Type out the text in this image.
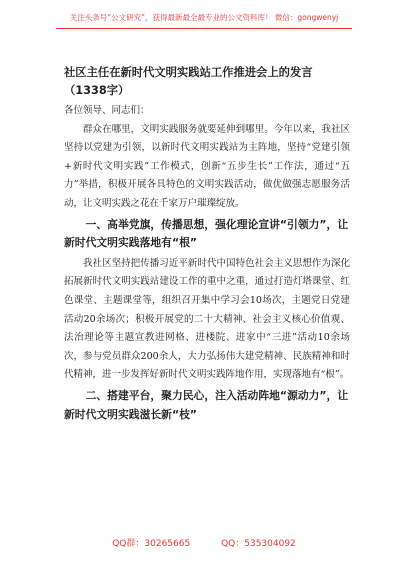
关注头条号“公文研究”，获得最新最全最专业的公文资料库！ 微信：gongwenyj
社区主任在新时代文明实践站工作推进会上的发言（1338字）

各位领导、同志们：

群众在哪里，文明实践服务就要延伸到哪里。今年以来，我社区坚持以党建为引领，以新时代文明实践站为主阵地，坚持“党建引领+新时代文明实践”工作模式，创新“五步生长”工作法，通过“五力”举措，积极开展各具特色的文明实践活动，做优做强志愿服务活动，让文明实践之花在千家万户璀璨绽放。

一、高举党旗，传播思想，强化理论宣讲“引领力”，让新时代文明实践落地有“根”

我社区坚持把传播习近平新时代中国特色社会主义思想作为深化拓展新时代文明实践站建设工作的重中之重，通过打造灯塔课堂、红色课堂、主题课堂等，组织召开集中学习会10场次，主题党日党建活动20余场次；积极开展党的二十大精神、社会主义核心价值观、法治理论等主题宣教进网格、进楼院、进家中“三进”活动10余场次，参与党员群众200余人，大力弘扬伟大建党精神、民族精神和时代精神，进一步发挥好新时代文明实践阵地作用，实现落地有“根”。

二、搭建平台，聚力民心，注入活动阵地“源动力”，让新时代文明实践滋长新“枝”
QQ群：30265665	QQ：535304092
